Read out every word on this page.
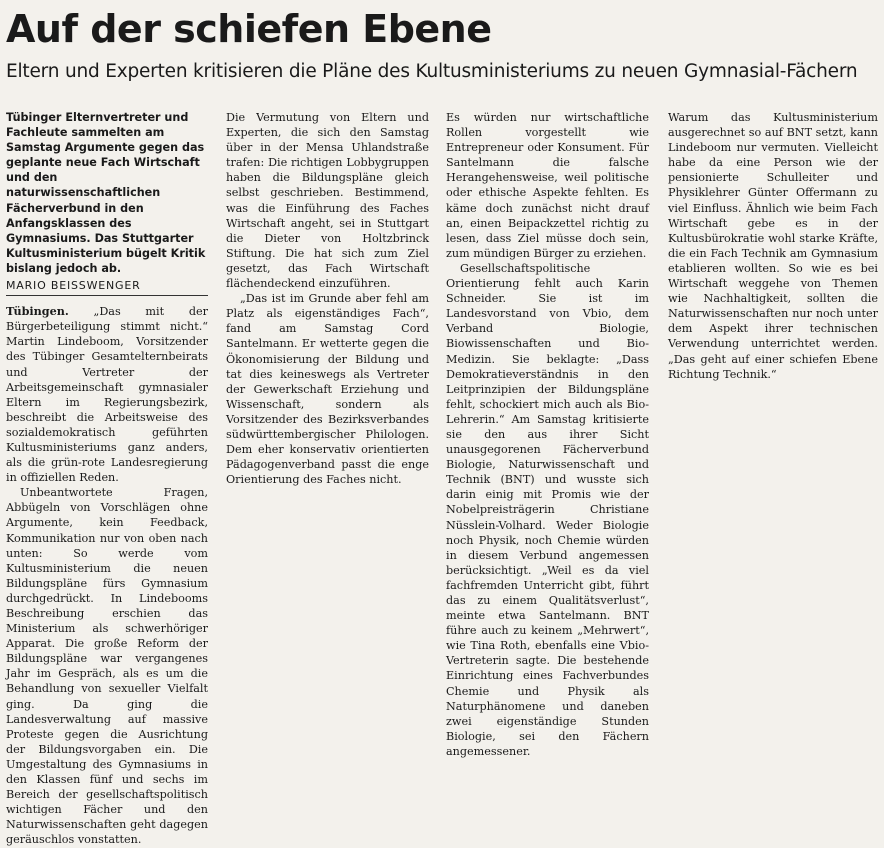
Auf der schiefen Ebene
Eltern und Experten kritisieren die Pläne des Kultusministeriums zu neuen Gymnasial-Fächern

Tübinger Elternvertreter und Fachleute sammelten am Samstag Argumente gegen das geplante neue Fach Wirtschaft und den naturwissenschaftlichen Fächerverbund in den Anfangsklassen des Gymnasiums. Das Stuttgarter Kultusministerium bügelt Kritik bislang jedoch ab.

MARIO BEISSWENGER

Tübingen. „Das mit der Bürgerbeteiligung stimmt nicht.“ Martin Lindeboom, Vorsitzender des Tübinger Gesamtelternbeirats und Vertreter der Arbeitsgemeinschaft gymnasialer Eltern im Regierungsbezirk, beschreibt die Arbeitsweise des sozialdemokratisch geführten Kultusministeriums ganz anders, als die grün-rote Landesregierung in offiziellen Reden.

Unbeantwortete Fragen, Abbügeln von Vorschlägen ohne Argumente, kein Feedback, Kommunikation nur von oben nach unten: So werde vom Kultusministerium die neuen Bildungspläne fürs Gymnasium durchgedrückt. In Lindebooms Beschreibung erschien das Ministerium als schwerhöriger Apparat. Die große Reform der Bildungspläne war vergangenes Jahr im Gespräch, als es um die Behandlung von sexueller Vielfalt ging. Da ging die Landesverwaltung auf massive Proteste gegen die Ausrichtung der Bildungsvorgaben ein. Die Umgestaltung des Gymnasiums in den Klassen fünf und sechs im Bereich der gesellschaftspolitisch wichtigen Fächer und den Naturwissenschaften geht dagegen geräuschlos vonstatten.

Die Vermutung von Eltern und Experten, die sich den Samstag über in der Mensa Uhlandstraße trafen: Die richtigen Lobbygruppen haben die Bildungspläne gleich selbst geschrieben. Bestimmend, was die Einführung des Faches Wirtschaft angeht, sei in Stuttgart die Dieter von Holtzbrinck Stiftung. Die hat sich zum Ziel gesetzt, das Fach Wirtschaft flächendeckend einzuführen.

„Das ist im Grunde aber fehl am Platz als eigenständiges Fach“, fand am Samstag Cord Santelmann. Er wetterte gegen die Ökonomisierung der Bildung und tat dies keineswegs als Vertreter der Gewerkschaft Erziehung und Wissenschaft, sondern als Vorsitzender des Bezirksverbandes südwürttembergischer Philologen. Dem eher konservativ orientierten Pädagogenverband passt die enge Orientierung des Faches nicht.

Es würden nur wirtschaftliche Rollen vorgestellt wie Entrepreneur oder Konsument. Für Santelmann die falsche Herangehensweise, weil politische oder ethische Aspekte fehlten. Es käme doch zunächst nicht drauf an, einen Beipackzettel richtig zu lesen, dass Ziel müsse doch sein, zum mündigen Bürger zu erziehen.

Gesellschaftspolitische Orientierung fehlt auch Karin Schneider. Sie ist im Landesvorstand von Vbio, dem Verband Biologie, Biowissenschaften und Bio-Medizin. Sie beklagte: „Dass Demokratieverständnis in den Leitprinzipien der Bildungspläne fehlt, schockiert mich auch als Bio-Lehrerin.“ Am Samstag kritisierte sie den aus ihrer Sicht unausgegorenen Fächerverbund Biologie, Naturwissenschaft und Technik (BNT) und wusste sich darin einig mit Promis wie der Nobelpreisträgerin Christiane Nüsslein-Volhard. Weder Biologie noch Physik, noch Chemie würden in diesem Verbund angemessen berücksichtigt. „Weil es da viel fachfremden Unterricht gibt, führt das zu einem Qualitätsverlust“, meinte etwa Santelmann. BNT führe auch zu keinem „Mehrwert“, wie Tina Roth, ebenfalls eine Vbio-Vertreterin sagte. Die bestehende Einrichtung eines Fachverbundes Chemie und Physik als Naturphänomene und daneben zwei eigenständige Stunden Biologie, sei den Fächern angemessener.

Warum das Kultusministerium ausgerechnet so auf BNT setzt, kann Lindeboom nur vermuten. Vielleicht habe da eine Person wie der pensionierte Schulleiter und Physiklehrer Günter Offermann zu viel Einfluss. Ähnlich wie beim Fach Wirtschaft gebe es in der Kultusbürokratie wohl starke Kräfte, die ein Fach Technik am Gymnasium etablieren wollten. So wie es bei Wirtschaft weggehe von Themen wie Nachhaltigkeit, sollten die Naturwissenschaften nur noch unter dem Aspekt ihrer technischen Verwendung unterrichtet werden. „Das geht auf einer schiefen Ebene Richtung Technik.“
